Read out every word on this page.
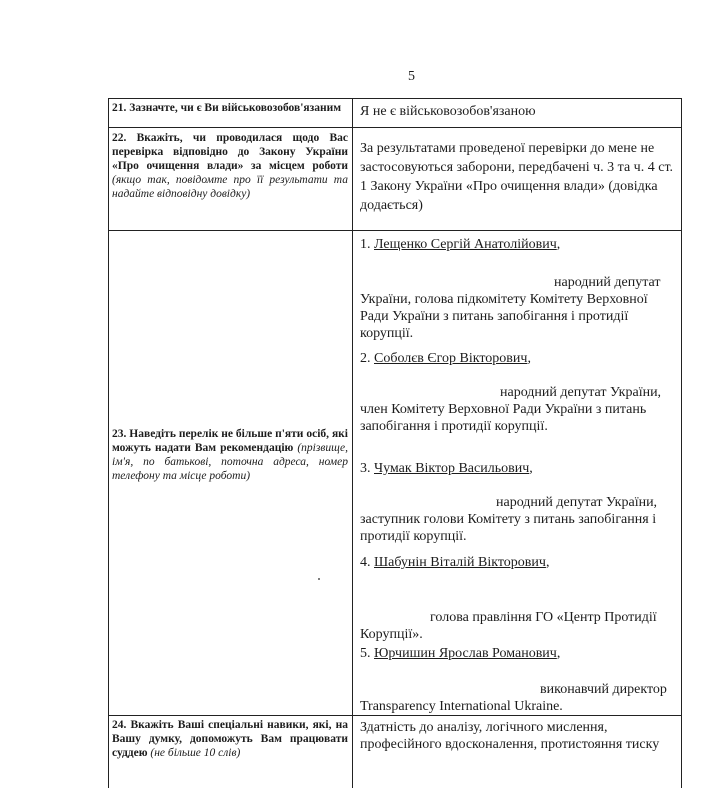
5
21. Зазначте, чи є Ви військовозобов'язаним	Я не є військовозобов'язаною
22. Вкажіть, чи проводилася щодо Вас перевірка відповідно до Закону України «Про очищення влади» за місцем роботи (якщо так, повідомте про її результати та надайте відповідну довідку)
За результатами проведеної перевірки до мене не застосовуються заборони, передбачені ч. 3 та ч. 4 ст. 1 Закону України «Про очищення влади» (довідка додається)
23. Наведіть перелік не більше п'яти осіб, які можуть надати Вам рекомендацію (прізвище, ім'я, по батькові, поточна адреса, номер телефону та місце роботи)
1. Лещенко Сергій Анатолійович,
народний депутат України, голова підкомітету Комітету Верховної Ради України з питань запобігання і протидії корупції.
2. Соболєв Єгор Вікторович,
народний депутат України, член Комітету Верховної Ради України з питань запобігання і протидії корупції.
3. Чумак Віктор Васильович,
народний депутат України, заступник голови Комітету з питань запобігання і протидії корупції.
4. Шабунін Віталій Вікторович,
голова правління ГО «Центр Протидії Корупції».
5. Юрчишин Ярослав Романович,
виконавчий директор Transparency International Ukraine.
24. Вкажіть Ваші спеціальні навики, які, на Вашу думку, допоможуть Вам працювати суддею (не більше 10 слів)
Здатність до аналізу, логічного мислення, професійного вдосконалення, протистояння тиску
